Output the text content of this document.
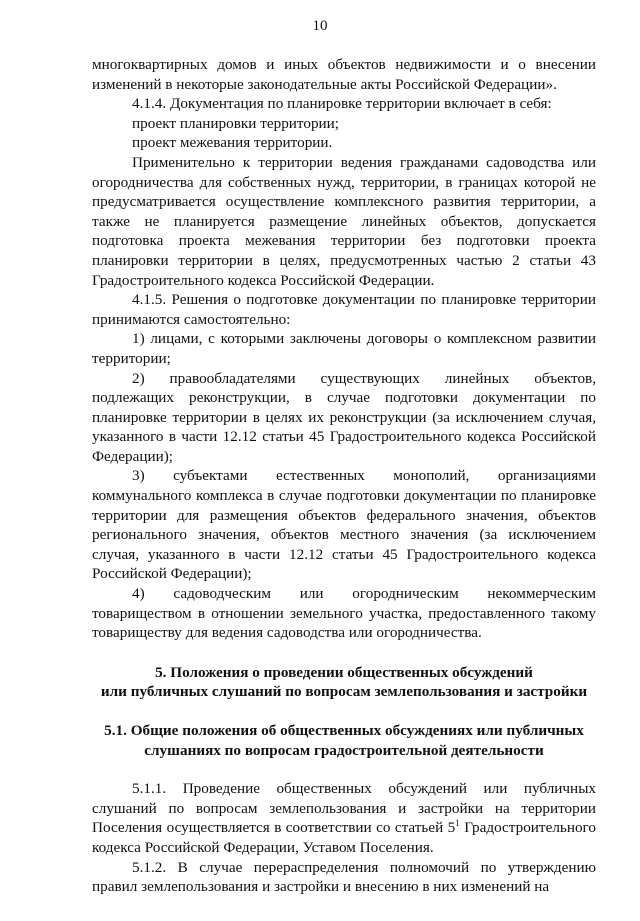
10

многоквартирных домов и иных объектов недвижимости и о внесении изменений в некоторые законодательные акты Российской Федерации».

4.1.4. Документация по планировке территории включает в себя:

проект планировки территории;

проект межевания территории.

Применительно к территории ведения гражданами садоводства или огородничества для собственных нужд, территории, в границах которой не предусматривается осуществление комплексного развития территории, а также не планируется размещение линейных объектов, допускается подготовка проекта межевания территории без подготовки проекта планировки территории в целях, предусмотренных частью 2 статьи 43 Градостроительного кодекса Российской Федерации.

4.1.5. Решения о подготовке документации по планировке территории принимаются самостоятельно:

1) лицами, с которыми заключены договоры о комплексном развитии территории;

2) правообладателями существующих линейных объектов, подлежащих реконструкции, в случае подготовки документации по планировке территории в целях их реконструкции (за исключением случая, указанного в части 12.12 статьи 45 Градостроительного кодекса Российской Федерации);

3) субъектами естественных монополий, организациями коммунального комплекса в случае подготовки документации по планировке территории для размещения объектов федерального значения, объектов регионального значения, объектов местного значения (за исключением случая, указанного в части 12.12 статьи 45 Градостроительного кодекса Российской Федерации);

4) садоводческим или огородническим некоммерческим товариществом в отношении земельного участка, предоставленного такому товариществу для ведения садоводства или огородничества.

5. Положения о проведении общественных обсуждений
или публичных слушаний по вопросам землепользования и застройки
5.1. Общие положения об общественных обсуждениях или публичных
слушаниях по вопросам градостроительной деятельности

5.1.1. Проведение общественных обсуждений или публичных слушаний по вопросам землепользования и застройки на территории Поселения осуществляется в соответствии со статьей $5^1$ Градостроительного кодекса Российской Федерации, Уставом Поселения.

5.1.2. В случае перераспределения полномочий по утверждению правил землепользования и застройки и внесению в них изменений на
